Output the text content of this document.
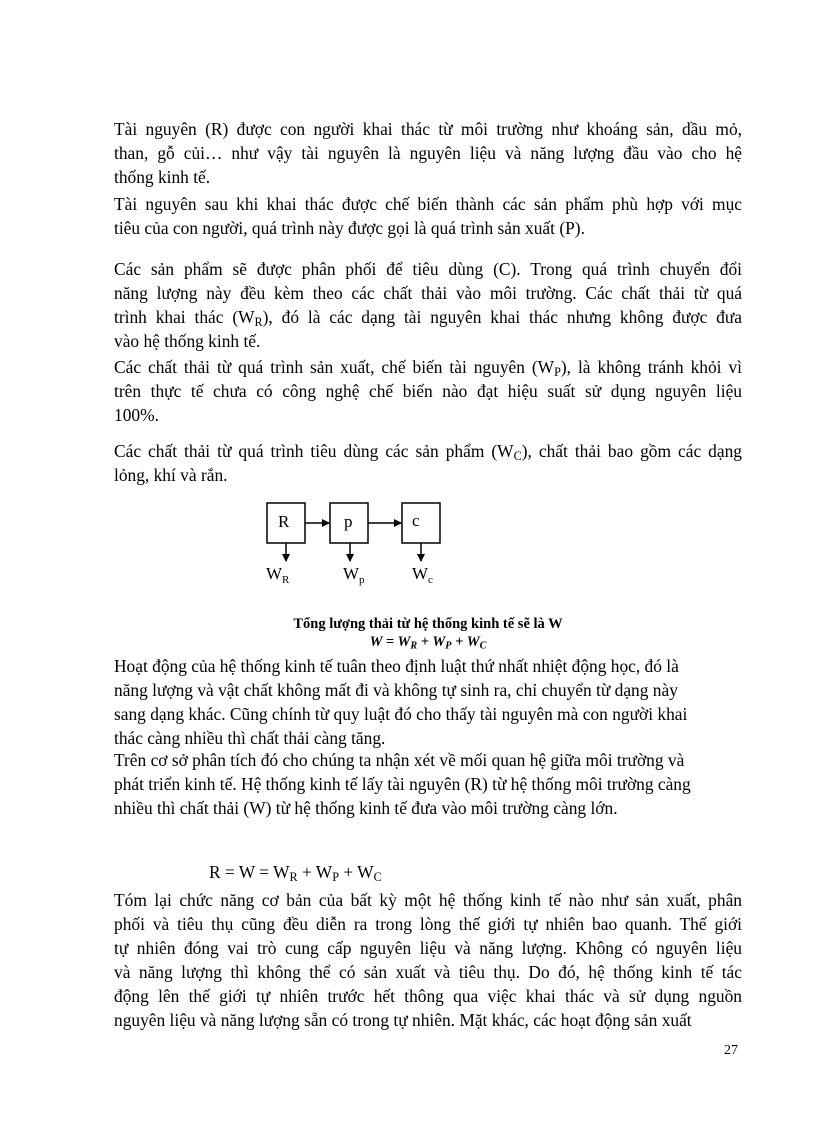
Tài nguyên (R) được con người khai thác từ môi trường như khoáng sản, dầu mỏ,
than, gỗ củi… như vậy tài nguyên là nguyên liệu và năng lượng đầu vào cho hệ
thống kinh tế.
Tài nguyên sau khi khai thác được chế biến thành các sản phẩm phù hợp với mục
tiêu của con người, quá trình này được gọi là quá trình sản xuất (P).
Các sản phẩm sẽ được phân phối để tiêu dùng (C). Trong quá trình chuyển đổi
năng lượng này đều kèm theo các chất thải vào môi trường. Các chất thải từ quá
trình khai thác $(W_R)$, đó là các dạng tài nguyên khai thác nhưng không được đưa
vào hệ thống kinh tế.
Các chất thải từ quá trình sản xuất, chế biến tài nguyên $(W_P)$, là không tránh khỏi vì
trên thực tế chưa có công nghệ chế biến nào đạt hiệu suất sử dụng nguyên liệu
100%.
Các chất thải từ quá trình tiêu dùng các sản phẩm $(W_C)$, chất thải bao gồm các dạng
lỏng, khí và rắn.
R	p	c
$W_R$	$W_p$	$W_c$
Tổng lượng thải từ hệ thống kinh tế sẽ là W
$W = W_R + W_P + W_C$
Hoạt động của hệ thống kinh tế tuân theo định luật thứ nhất nhiệt động học, đó là
năng lượng và vật chất không mất đi và không tự sinh ra, chỉ chuyển từ dạng này
sang dạng khác. Cũng chính từ quy luật đó cho thấy tài nguyên mà con người khai
thác càng nhiều thì chất thải càng tăng.
Trên cơ sở phân tích đó cho chúng ta nhận xét về mối quan hệ giữa môi trường và
phát triển kinh tế. Hệ thống kinh tế lấy tài nguyên (R) từ hệ thống môi trường càng
nhiều thì chất thải (W) từ hệ thống kinh tế đưa vào môi trường càng lớn.
$R = W = W_R + W_P + W_C$
Tóm lại chức năng cơ bản của bất kỳ một hệ thống kinh tế nào như sản xuất, phân
phối và tiêu thụ cũng đều diễn ra trong lòng thế giới tự nhiên bao quanh. Thế giới
tự nhiên đóng vai trò cung cấp nguyên liệu và năng lượng. Không có nguyên liệu
và năng lượng thì không thể có sản xuất và tiêu thụ. Do đó, hệ thống kinh tế tác
động lên thế giới tự nhiên trước hết thông qua việc khai thác và sử dụng nguồn
nguyên liệu và năng lượng sẵn có trong tự nhiên. Mặt khác, các hoạt động sản xuất
27
